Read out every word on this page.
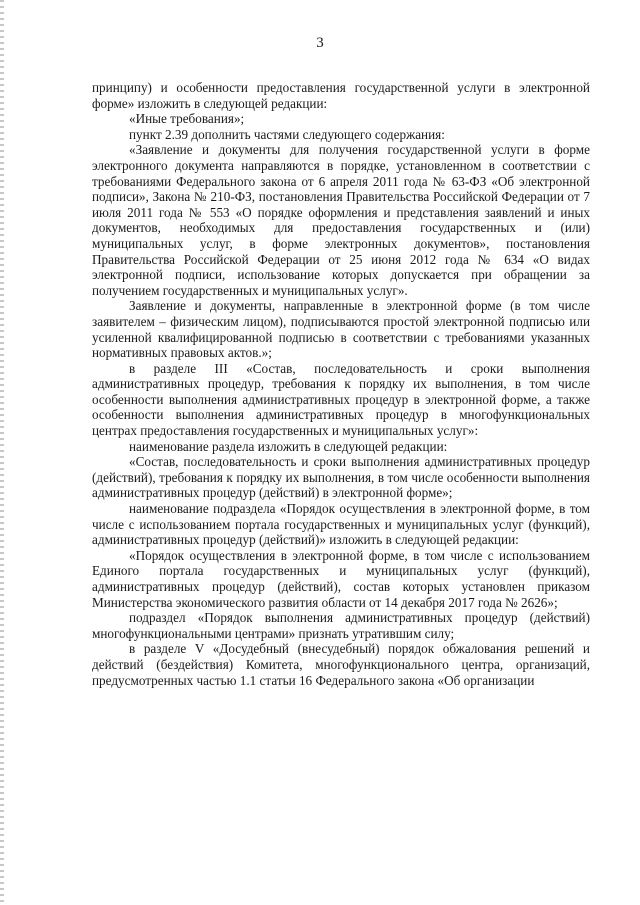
3

принципу) и особенности предоставления государственной услуги в электронной форме» изложить в следующей редакции:

«Иные требования»;

пункт 2.39 дополнить частями следующего содержания:

«Заявление и документы для получения государственной услуги в форме электронного документа направляются в порядке, установленном в соответствии с требованиями Федерального закона от 6 апреля 2011 года № 63-ФЗ «Об электронной подписи», Закона № 210-ФЗ, постановления Правительства Российской Федерации от 7 июля 2011 года № 553 «О порядке оформления и представления заявлений и иных документов, необходимых для предоставления государственных и (или) муниципальных услуг, в форме электронных документов», постановления Правительства Российской Федерации от 25 июня 2012 года № 634 «О видах электронной подписи, использование которых допускается при обращении за получением государственных и муниципальных услуг».

Заявление и документы, направленные в электронной форме (в том числе заявителем – физическим лицом), подписываются простой электронной подписью или усиленной квалифицированной подписью в соответствии с требованиями указанных нормативных правовых актов.»;

в разделе III «Состав, последовательность и сроки выполнения административных процедур, требования к порядку их выполнения, в том числе особенности выполнения административных процедур в электронной форме, а также особенности выполнения административных процедур в многофункциональных центрах предоставления государственных и муниципальных услуг»:

наименование раздела изложить в следующей редакции:

«Состав, последовательность и сроки выполнения административных процедур (действий), требования к порядку их выполнения, в том числе особенности выполнения административных процедур (действий) в электронной форме»;

наименование подраздела «Порядок осуществления в электронной форме, в том числе с использованием портала государственных и муниципальных услуг (функций), административных процедур (действий)» изложить в следующей редакции:

«Порядок осуществления в электронной форме, в том числе с использованием Единого портала государственных и муниципальных услуг (функций), административных процедур (действий), состав которых установлен приказом Министерства экономического развития области от 14 декабря 2017 года № 2626»;

подраздел «Порядок выполнения административных процедур (действий) многофункциональными центрами» признать утратившим силу;

в разделе V «Досудебный (внесудебный) порядок обжалования решений и действий (бездействия) Комитета, многофункционального центра, организаций, предусмотренных частью 1.1 статьи 16 Федерального закона «Об организации
